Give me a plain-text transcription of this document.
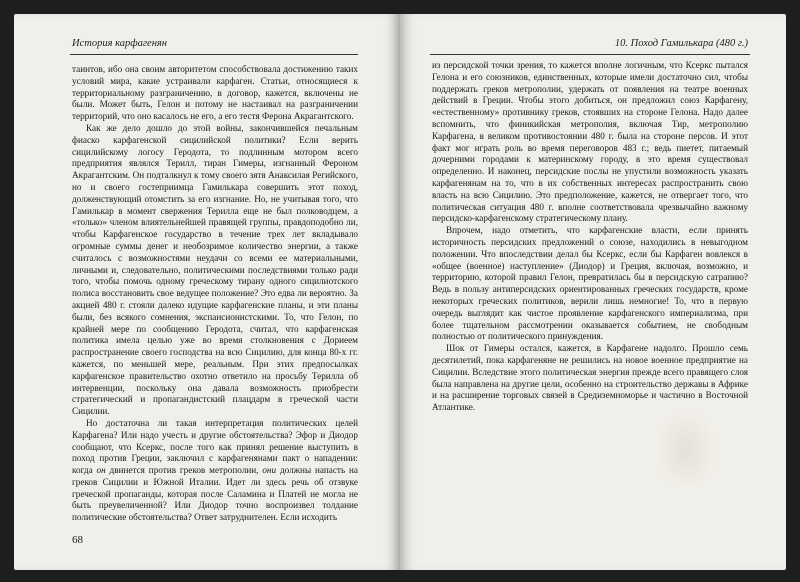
История карфагенян

таинтов, ибо она своим авторитетом способствовала достижению таких условий мира, какие устраивали карфаген. Статьи, относящиеся к территориальному разграничению, в договор, кажется, включены не были. Может быть, Гелон и потому не настаивал на разграничении территорий, что оно касалось не его, а его тестя Ферона Акрагантского.

Как же дело дошло до этой войны, закончившейся печальным фиаско карфагенской сицилийской политики? Если верить сицилийскому логосу Геродота, то подлинным мотором всего предприятия являлся Терилл, тиран Гимеры, изгнанный Фероном Акрагантским. Он подталкнул к тому своего зятя Анаксилая Регийского, но и своего гостеприимца Гамилькара совершить этот поход, долженствующий отомстить за его изгнание. Но, не учитывая того, что Гамилькар в момент свержения Терилла еще не был полководцем, а «только» членом влиятельнейшей правящей группы, правдоподобно ли, чтобы Карфагенское государство в течение трех лет вкладывало огромные суммы денег и необозримое количество энергии, а также считалось с возможностями неудачи со всеми ее материальными, личными и, следовательно, политическими последствиями только ради того, чтобы помочь одному греческому тирану одного сицилиотского полиса восстановить свое ведущее положение? Это едва ли вероятно. За акцией 480 г. стояли далеко идущие карфагенские планы, и эти планы были, без всякого сомнения, экспансионистскими. То, что Гелон, по крайней мере по сообщению Геродота, считал, что карфагенская политика имела целью уже во время столкновения с Дориеем распространение своего господства на всю Сицилию, для конца 80-х гг. кажется, по меньшей мере, реальным. При этих предпосылках карфагенское правительство охотно ответило на просьбу Терилла об интервенции, поскольку она давала возможность приобрести стратегический и пропагандистский плацдарм в греческой части Сицилии.

Но достаточна ли такая интерпретация политических целей Карфагена? Или надо учесть и другие обстоятельства? Эфор и Диодор сообщают, что Ксеркс, после того как принял решение выступить в поход против Греции, заключил с карфагенянами пакт о нападении: когда он двинется против греков метрополии, они должны напасть на греков Сицилии и Южной Италии. Идет ли здесь речь об отзвуке греческой пропаганды, которая после Саламина и Платей не могла не быть преувеличенной? Или Диодор точно воспроизвел толдание политические обстоятельства? Ответ затруднителен. Если исходить

68
10. Поход Гамилькара (480 г.)

из персидской точки зрения, то кажется вполне логичным, что Ксеркс пытался Гелона и его союзников, единственных, которые имели достаточно сил, чтобы поддержать греков метрополии, удержать от появления на театре военных действий в Греции. Чтобы этого добиться, он предложил союз Карфагену, «естественному» противнику греков, стоявших на стороне Гелона. Надо далее вспомнить, что финикийская метрополия, включая Тир, метрополию Карфагена, в великом противостоянии 480 г. была на стороне персов. И этот факт мог играть роль во время переговоров 483 г.; ведь пиетет, питаемый дочерними городами к материнскому городу, в это время существовал определенно. И наконец, персидские послы не упустили возможность указать карфагенянам на то, что в их собственных интересах распространить свою власть на всю Сицилию. Это предположение, кажется, не отвергает того, что политическая ситуация 480 г. вполне соответствовала чрезвычайно важному персидско-карфагенскому стратегическому плану.

Впрочем, надо отметить, что карфагенские власти, если принять историчность персидских предложений о союзе, находились в невыгодном положении. Что впоследствии делал бы Ксеркс, если бы Карфаген вовлекся в «общее (военное) наступление» (Диодор) и Греция, включая, возможно, и территорию, которой правил Гелон, превратилась бы в персидскую сатрапию? Ведь в пользу антиперсидских ориентированных греческих государств, кроме некоторых греческих политиков, верили лишь немногие! То, что в первую очередь выглядит как чистое проявление карфагенского империализма, при более тщательном рассмотрении оказывается событием, не свободным полностью от политического принуждения.

Шок от Гимеры остался, кажется, в Карфагене надолго. Прошло семь десятилетий, пока карфагеняне не решились на новое военное предприятие на Сицилии. Вследствие этого политическая энергия прежде всего правящего слоя была направлена на другие цели, особенно на строительство державы в Африке и на расширение торговых связей в Средиземноморье и частично в Восточной Атлантике.
